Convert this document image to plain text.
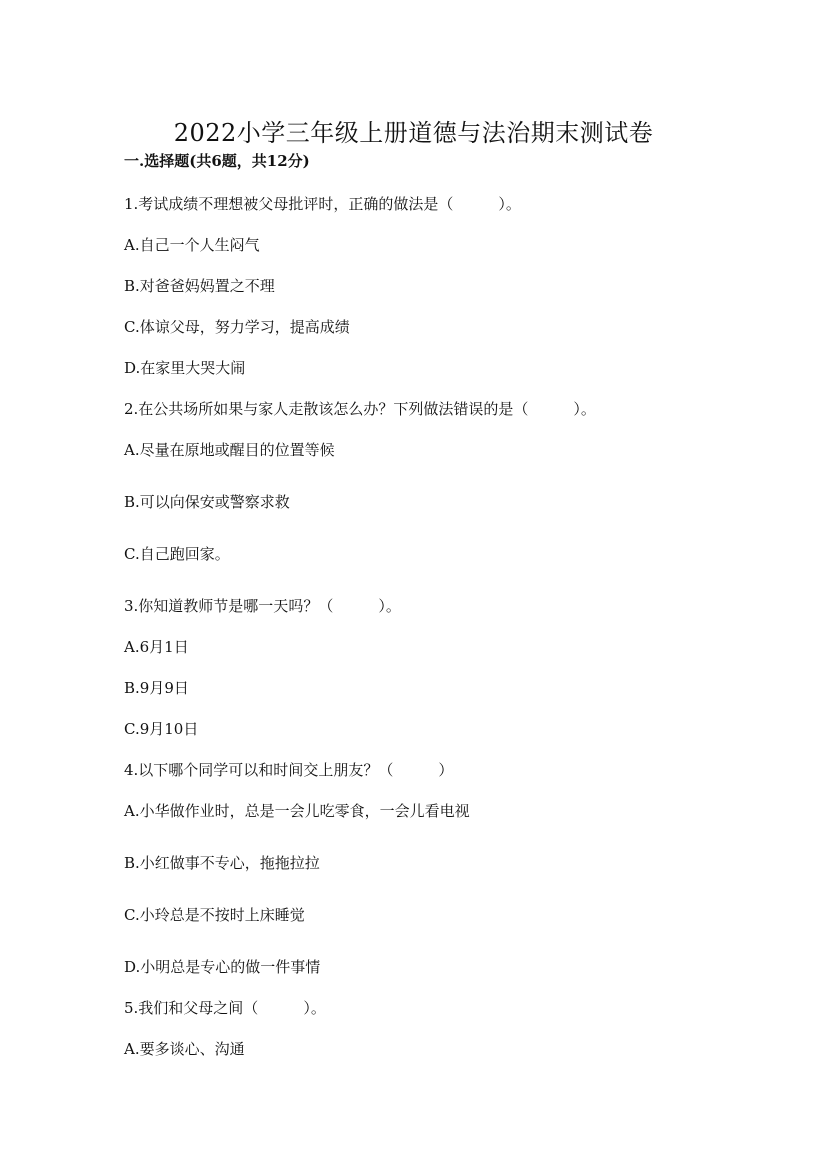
2022小学三年级上册道德与法治期末测试卷
一.选择题(共6题，共12分)
1.考试成绩不理想被父母批评时，正确的做法是（　　　）。
A.自己一个人生闷气
B.对爸爸妈妈置之不理
C.体谅父母，努力学习，提高成绩
D.在家里大哭大闹
2.在公共场所如果与家人走散该怎么办？下列做法错误的是（　　　）。
A.尽量在原地或醒目的位置等候
B.可以向保安或警察求救
C.自己跑回家。
3.你知道教师节是哪一天吗？（　　　）。
A.6月1日
B.9月9日
C.9月10日
4.以下哪个同学可以和时间交上朋友？（　　　）
A.小华做作业时，总是一会儿吃零食，一会儿看电视
B.小红做事不专心，拖拖拉拉
C.小玲总是不按时上床睡觉
D.小明总是专心的做一件事情
5.我们和父母之间（　　　）。
A.要多谈心、沟通
